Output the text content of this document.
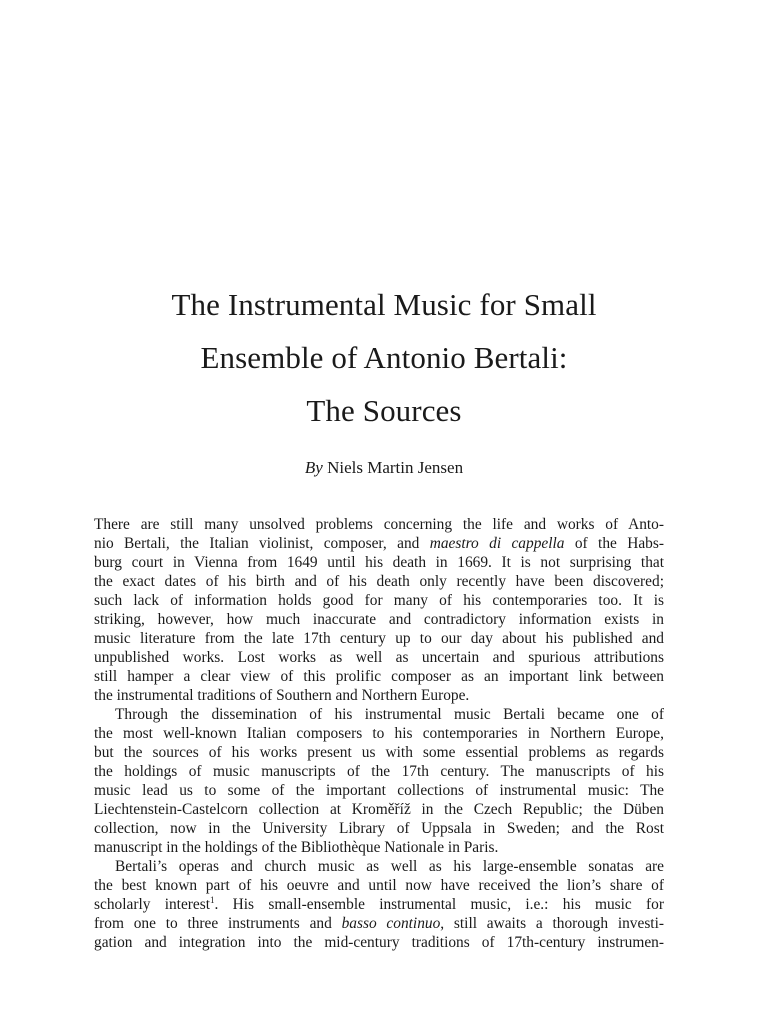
The Instrumental Music for Small
Ensemble of Antonio Bertali:
The Sources
By Niels Martin Jensen
There are still many unsolved problems concerning the life and works of Anto-
nio Bertali, the Italian violinist, composer, and maestro di cappella of the Habs-
burg court in Vienna from 1649 until his death in 1669. It is not surprising that
the exact dates of his birth and of his death only recently have been discovered;
such lack of information holds good for many of his contemporaries too. It is
striking, however, how much inaccurate and contradictory information exists in
music literature from the late 17th century up to our day about his published and
unpublished works. Lost works as well as uncertain and spurious attributions
still hamper a clear view of this prolific composer as an important link between
the instrumental traditions of Southern and Northern Europe.
Through the dissemination of his instrumental music Bertali became one of
the most well-known Italian composers to his contemporaries in Northern Europe,
but the sources of his works present us with some essential problems as regards
the holdings of music manuscripts of the 17th century. The manuscripts of his
music lead us to some of the important collections of instrumental music: The
Liechtenstein-Castelcorn collection at Kroměříž in the Czech Republic; the Düben
collection, now in the University Library of Uppsala in Sweden; and the Rost
manuscript in the holdings of the Bibliothèque Nationale in Paris.
Bertali’s operas and church music as well as his large-ensemble sonatas are
the best known part of his oeuvre and until now have received the lion’s share of
scholarly interest$^1$. His small-ensemble instrumental music, i.e.: his music for
from one to three instruments and basso continuo, still awaits a thorough investi-
gation and integration into the mid-century traditions of 17th-century instrumen-
